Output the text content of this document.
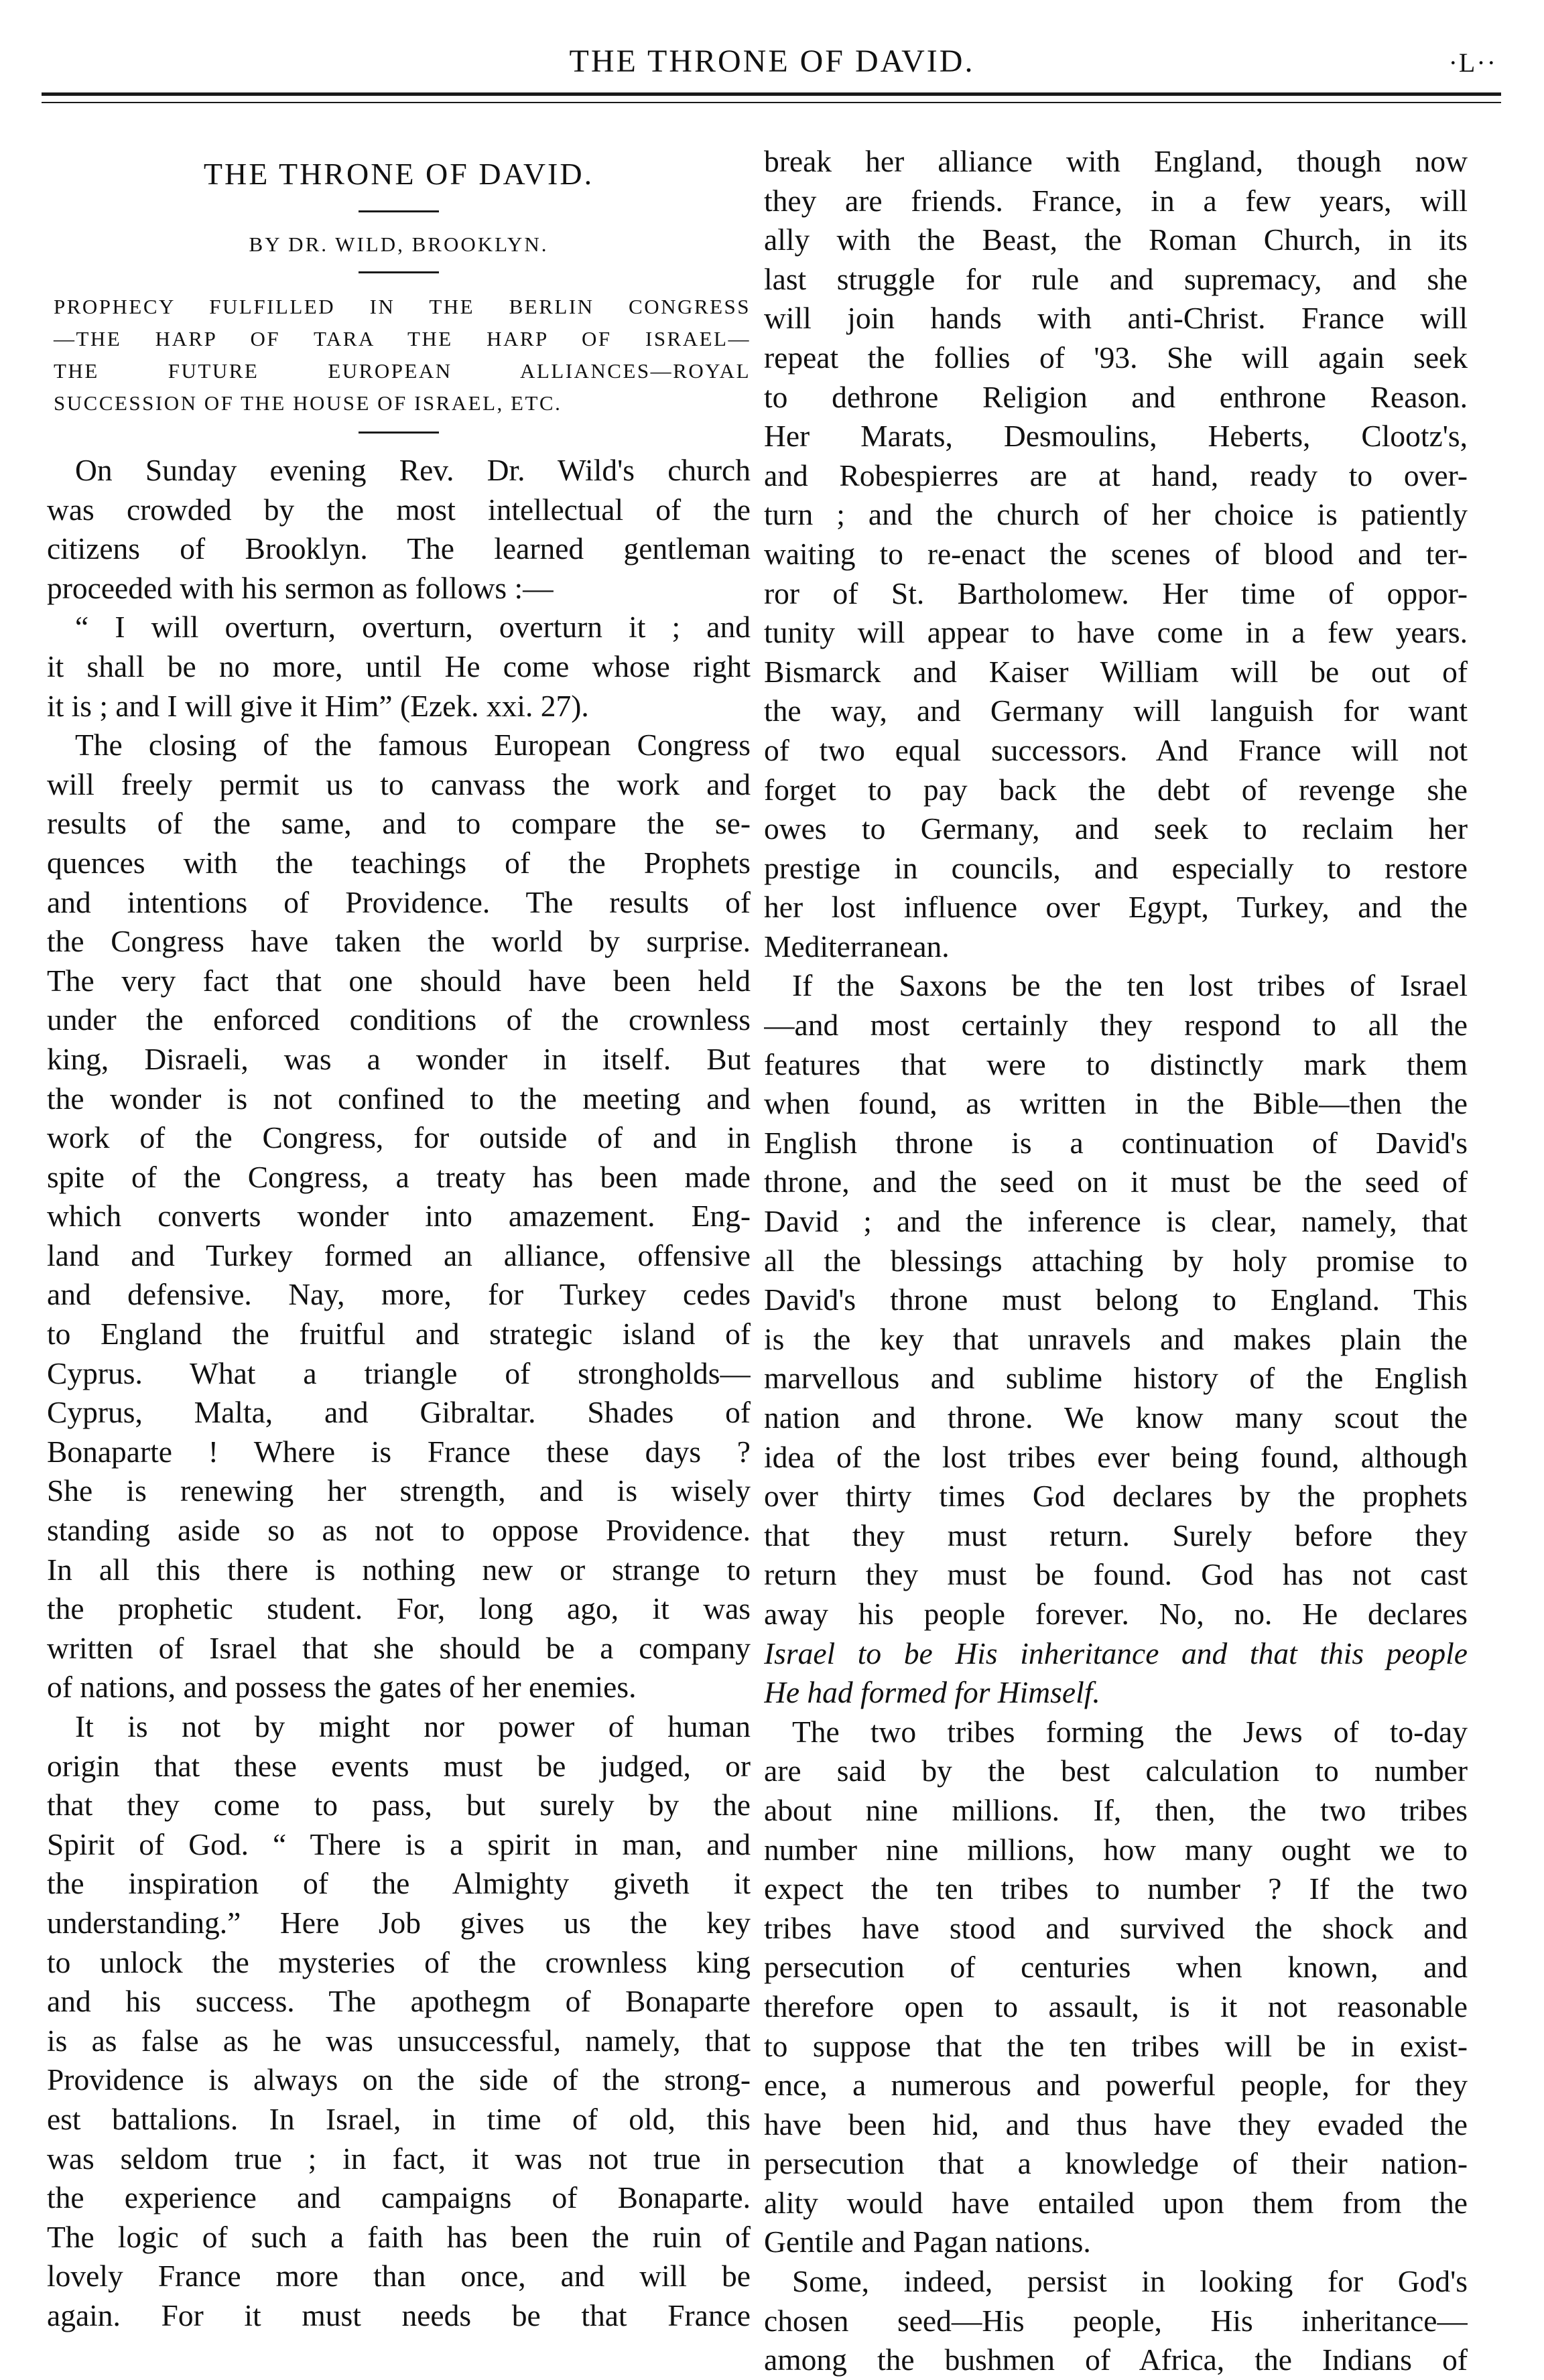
THE THRONE OF DAVID.	·L··
THE THRONE OF DAVID.
BY DR. WILD, BROOKLYN.
PROPHECY FULFILLED IN THE BERLIN CONGRESS
—THE HARP OF TARA THE HARP OF ISRAEL—
THE FUTURE EUROPEAN ALLIANCES—ROYAL
SUCCESSION OF THE HOUSE OF ISRAEL, ETC.
On Sunday evening Rev. Dr. Wild's church
was crowded by the most intellectual of the
citizens of Brooklyn. The learned gentleman
proceeded with his sermon as follows :—
“ I will overturn, overturn, overturn it ; and
it shall be no more, until He come whose right
it is ; and I will give it Him” (Ezek. xxi. 27).
The closing of the famous European Congress
will freely permit us to canvass the work and
results of the same, and to compare the se-
quences with the teachings of the Prophets
and intentions of Providence. The results of
the Congress have taken the world by surprise.
The very fact that one should have been held
under the enforced conditions of the crownless
king, Disraeli, was a wonder in itself. But
the wonder is not confined to the meeting and
work of the Congress, for outside of and in
spite of the Congress, a treaty has been made
which converts wonder into amazement. Eng-
land and Turkey formed an alliance, offensive
and defensive. Nay, more, for Turkey cedes
to England the fruitful and strategic island of
Cyprus. What a triangle of strongholds—
Cyprus, Malta, and Gibraltar. Shades of
Bonaparte ! Where is France these days ?
She is renewing her strength, and is wisely
standing aside so as not to oppose Providence.
In all this there is nothing new or strange to
the prophetic student. For, long ago, it was
written of Israel that she should be a company
of nations, and possess the gates of her enemies.
It is not by might nor power of human
origin that these events must be judged, or
that they come to pass, but surely by the
Spirit of God. “ There is a spirit in man, and
the inspiration of the Almighty giveth it
understanding.” Here Job gives us the key
to unlock the mysteries of the crownless king
and his success. The apothegm of Bonaparte
is as false as he was unsuccessful, namely, that
Providence is always on the side of the strong-
est battalions. In Israel, in time of old, this
was seldom true ; in fact, it was not true in
the experience and campaigns of Bonaparte.
The logic of such a faith has been the ruin of
lovely France more than once, and will be
again. For it must needs be that France
break her alliance with England, though now
they are friends. France, in a few years, will
ally with the Beast, the Roman Church, in its
last struggle for rule and supremacy, and she
will join hands with anti-Christ. France will
repeat the follies of '93. She will again seek
to dethrone Religion and enthrone Reason.
Her Marats, Desmoulins, Heberts, Clootz's,
and Robespierres are at hand, ready to over-
turn ; and the church of her choice is patiently
waiting to re-enact the scenes of blood and ter-
ror of St. Bartholomew. Her time of oppor-
tunity will appear to have come in a few years.
Bismarck and Kaiser William will be out of
the way, and Germany will languish for want
of two equal successors. And France will not
forget to pay back the debt of revenge she
owes to Germany, and seek to reclaim her
prestige in councils, and especially to restore
her lost influence over Egypt, Turkey, and the
Mediterranean.
If the Saxons be the ten lost tribes of Israel
—and most certainly they respond to all the
features that were to distinctly mark them
when found, as written in the Bible—then the
English throne is a continuation of David's
throne, and the seed on it must be the seed of
David ; and the inference is clear, namely, that
all the blessings attaching by holy promise to
David's throne must belong to England. This
is the key that unravels and makes plain the
marvellous and sublime history of the English
nation and throne. We know many scout the
idea of the lost tribes ever being found, although
over thirty times God declares by the prophets
that they must return. Surely before they
return they must be found. God has not cast
away his people forever. No, no. He declares
Israel to be His inheritance and that this people
He had formed for Himself.
The two tribes forming the Jews of to-day
are said by the best calculation to number
about nine millions. If, then, the two tribes
number nine millions, how many ought we to
expect the ten tribes to number ? If the two
tribes have stood and survived the shock and
persecution of centuries when known, and
therefore open to assault, is it not reasonable
to suppose that the ten tribes will be in exist-
ence, a numerous and powerful people, for they
have been hid, and thus have they evaded the
persecution that a knowledge of their nation-
ality would have entailed upon them from the
Gentile and Pagan nations.
Some, indeed, persist in looking for God's
chosen seed—His people, His inheritance—
among the bushmen of Africa, the Indians of
